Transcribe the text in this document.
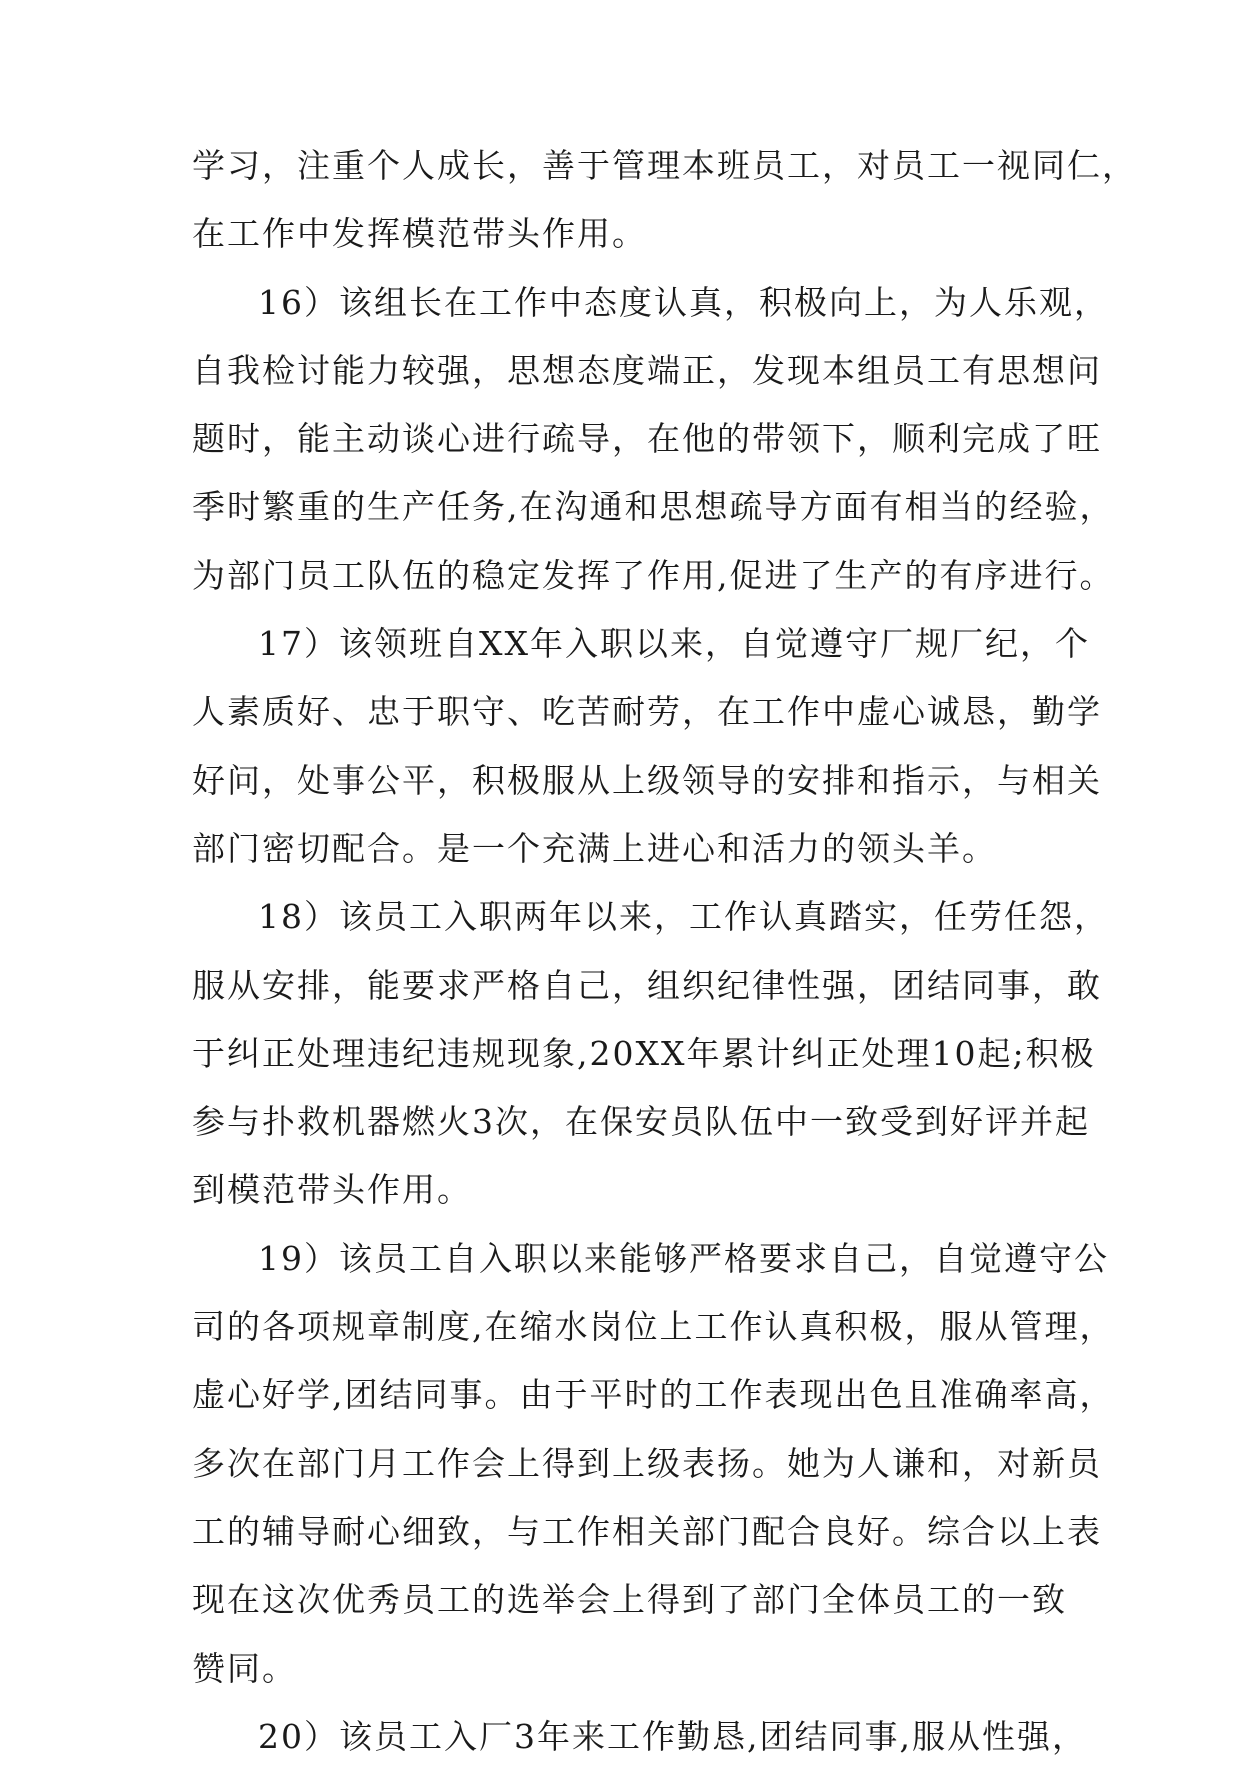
学习，注重个人成长，善于管理本班员工，对员工一视同仁，
在工作中发挥模范带头作用。
16）该组长在工作中态度认真，积极向上，为人乐观，
自我检讨能力较强，思想态度端正，发现本组员工有思想问
题时，能主动谈心进行疏导，在他的带领下，顺利完成了旺
季时繁重的生产任务,在沟通和思想疏导方面有相当的经验，
为部门员工队伍的稳定发挥了作用,促进了生产的有序进行。
17）该领班自XX年入职以来，自觉遵守厂规厂纪，个
人素质好、忠于职守、吃苦耐劳，在工作中虚心诚恳，勤学
好问，处事公平，积极服从上级领导的安排和指示，与相关
部门密切配合。是一个充满上进心和活力的领头羊。
18）该员工入职两年以来，工作认真踏实，任劳任怨，
服从安排，能要求严格自己，组织纪律性强，团结同事，敢
于纠正处理违纪违规现象,20XX年累计纠正处理10起;积极
参与扑救机器燃火3次，在保安员队伍中一致受到好评并起
到模范带头作用。
19）该员工自入职以来能够严格要求自己，自觉遵守公
司的各项规章制度,在缩水岗位上工作认真积极，服从管理，
虚心好学,团结同事。由于平时的工作表现出色且准确率高，
多次在部门月工作会上得到上级表扬。她为人谦和，对新员
工的辅导耐心细致，与工作相关部门配合良好。综合以上表
现在这次优秀员工的选举会上得到了部门全体员工的一致
赞同。
20）该员工入厂3年来工作勤恳,团结同事,服从性强，
